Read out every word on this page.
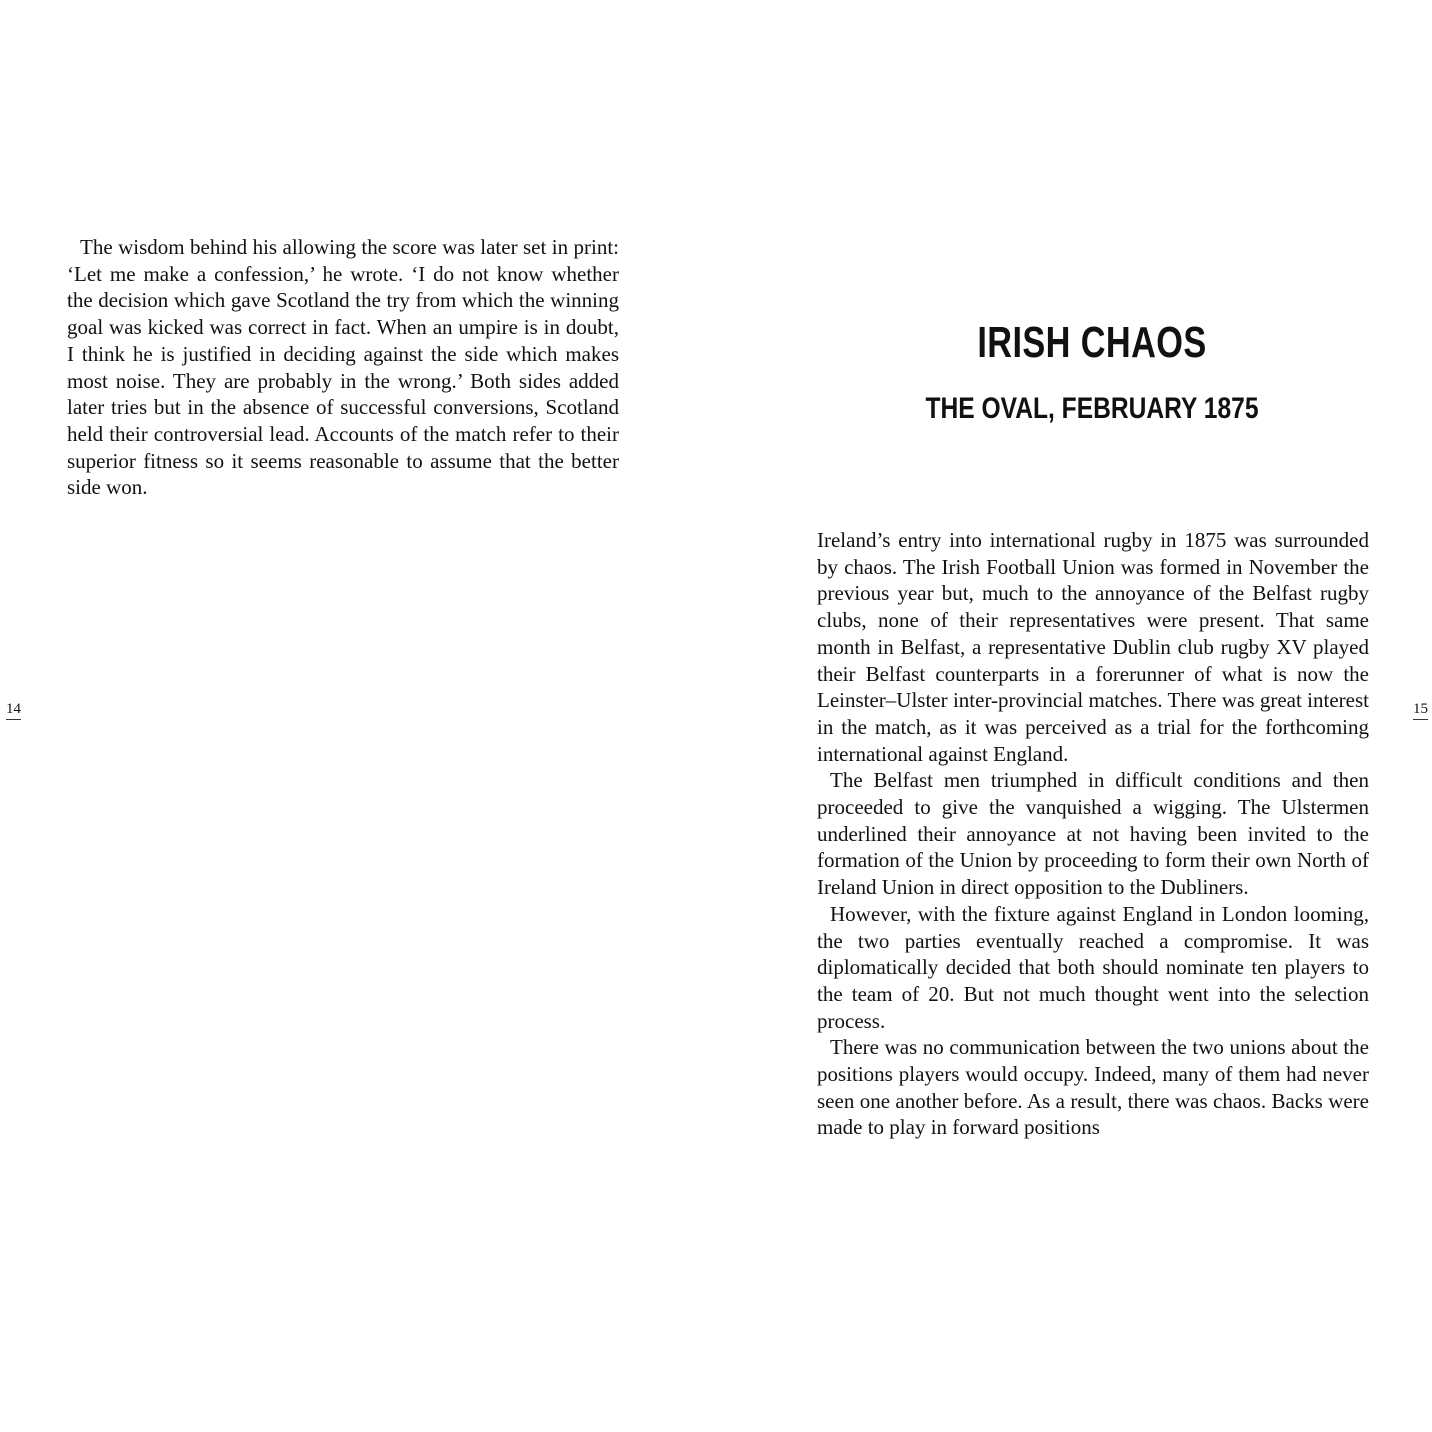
The wisdom behind his allowing the score was later set in print: ‘Let me make a confession,’ he wrote. ‘I do not know whether the decision which gave Scotland the try from which the winning goal was kicked was correct in fact. When an umpire is in doubt, I think he is justified in deciding against the side which makes most noise. They are probably in the wrong.’ Both sides added later tries but in the absence of successful conversions, Scotland held their controversial lead. Accounts of the match refer to their superior fitness so it seems reasonable to assume that the better side won.

14
IRISH CHAOS
THE OVAL, FEBRUARY 1875

Ireland’s entry into international rugby in 1875 was surrounded by chaos. The Irish Football Union was formed in November the previous year but, much to the annoyance of the Belfast rugby clubs, none of their representatives were present. That same month in Belfast, a representative Dublin club rugby XV played their Belfast counterparts in a forerunner of what is now the Leinster–Ulster inter-provincial matches. There was great interest in the match, as it was perceived as a trial for the forthcoming international against England.

The Belfast men triumphed in difficult conditions and then proceeded to give the vanquished a wigging. The Ulstermen underlined their annoyance at not having been invited to the formation of the Union by proceeding to form their own North of Ireland Union in direct opposition to the Dubliners.

However, with the fixture against England in London looming, the two parties eventually reached a compromise. It was diplomatically decided that both should nominate ten players to the team of 20. But not much thought went into the selection process.

There was no communication between the two unions about the positions players would occupy. Indeed, many of them had never seen one another before. As a result, there was chaos. Backs were made to play in forward positions

15
